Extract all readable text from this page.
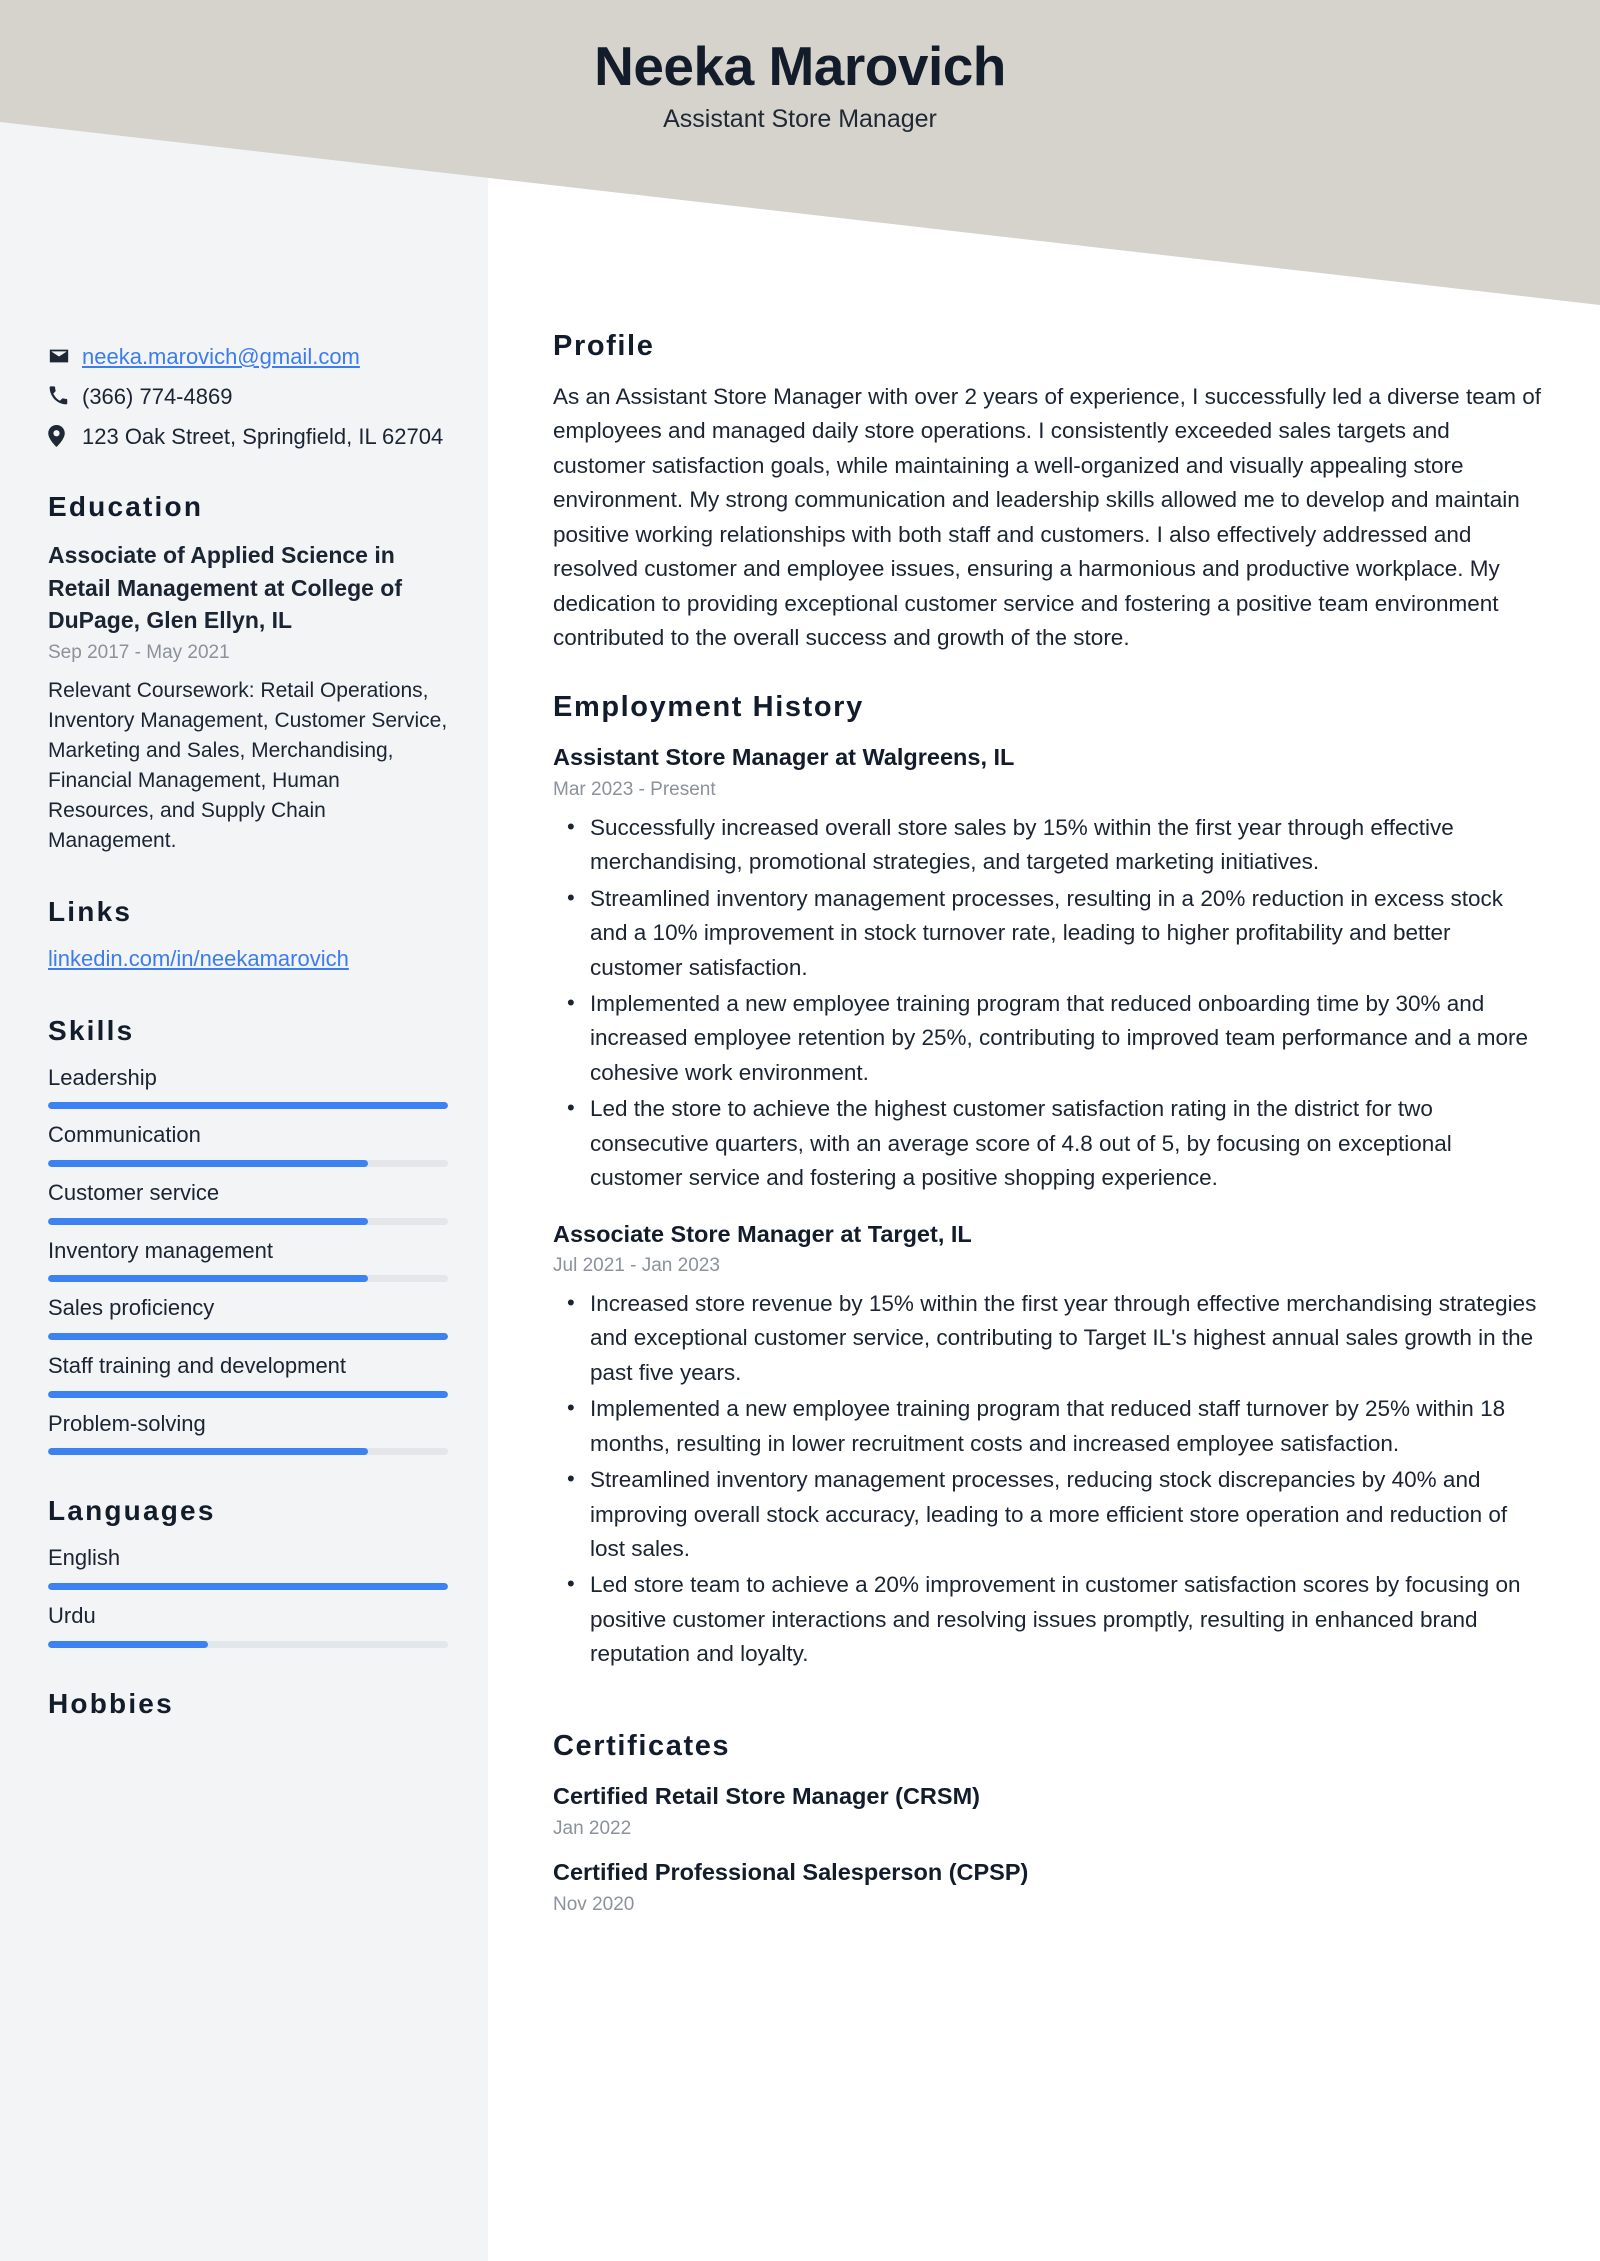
Neeka Marovich
Assistant Store Manager
neeka.marovich@gmail.com
(366) 774-4869
123 Oak Street, Springfield, IL 62704
Education
Associate of Applied Science in Retail Management at College of DuPage, Glen Ellyn, IL
Sep 2017 - May 2021
Relevant Coursework: Retail Operations, Inventory Management, Customer Service, Marketing and Sales, Merchandising, Financial Management, Human Resources, and Supply Chain Management.
Links
linkedin.com/in/neekamarovich
Skills
Leadership
Communication
Customer service
Inventory management
Sales proficiency
Staff training and development
Problem-solving
Languages
English
Urdu
Hobbies
Profile
As an Assistant Store Manager with over 2 years of experience, I successfully led a diverse team of employees and managed daily store operations. I consistently exceeded sales targets and customer satisfaction goals, while maintaining a well-organized and visually appealing store environment. My strong communication and leadership skills allowed me to develop and maintain positive working relationships with both staff and customers. I also effectively addressed and resolved customer and employee issues, ensuring a harmonious and productive workplace. My dedication to providing exceptional customer service and fostering a positive team environment contributed to the overall success and growth of the store.
Employment History
Assistant Store Manager at Walgreens, IL
Mar 2023 - Present
• Successfully increased overall store sales by 15% within the first year through effective merchandising, promotional strategies, and targeted marketing initiatives.
• Streamlined inventory management processes, resulting in a 20% reduction in excess stock and a 10% improvement in stock turnover rate, leading to higher profitability and better customer satisfaction.
• Implemented a new employee training program that reduced onboarding time by 30% and increased employee retention by 25%, contributing to improved team performance and a more cohesive work environment.
• Led the store to achieve the highest customer satisfaction rating in the district for two consecutive quarters, with an average score of 4.8 out of 5, by focusing on exceptional customer service and fostering a positive shopping experience.
Associate Store Manager at Target, IL
Jul 2021 - Jan 2023
• Increased store revenue by 15% within the first year through effective merchandising strategies and exceptional customer service, contributing to Target IL's highest annual sales growth in the past five years.
• Implemented a new employee training program that reduced staff turnover by 25% within 18 months, resulting in lower recruitment costs and increased employee satisfaction.
• Streamlined inventory management processes, reducing stock discrepancies by 40% and improving overall stock accuracy, leading to a more efficient store operation and reduction of lost sales.
• Led store team to achieve a 20% improvement in customer satisfaction scores by focusing on positive customer interactions and resolving issues promptly, resulting in enhanced brand reputation and loyalty.
Certificates
Certified Retail Store Manager (CRSM)
Jan 2022
Certified Professional Salesperson (CPSP)
Nov 2020
